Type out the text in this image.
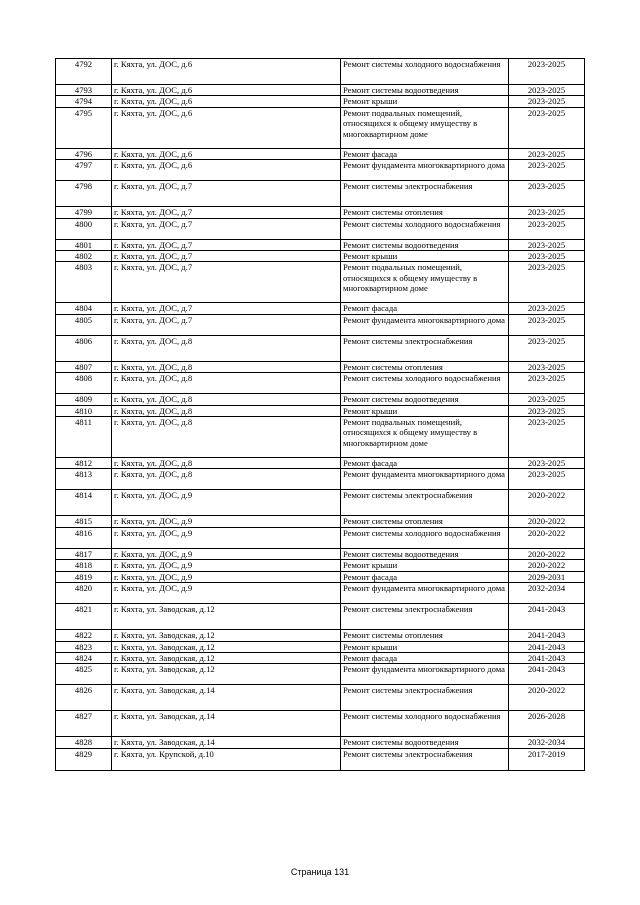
4792	г. Кяхта, ул. ДОС, д.6	Ремонт системы холодного водоснабжения	2023-2025
4793	г. Кяхта, ул. ДОС, д.6	Ремонт системы водоотведения	2023-2025
4794	г. Кяхта, ул. ДОС, д.6	Ремонт крыши	2023-2025
4795	г. Кяхта, ул. ДОС, д.6	Ремонт подвальных помещений, относящихся к общему имуществу в многоквартирном доме	2023-2025
4796	г. Кяхта, ул. ДОС, д.6	Ремонт фасада	2023-2025
4797	г. Кяхта, ул. ДОС, д.6	Ремонт фундамента многоквартирного дома	2023-2025
4798	г. Кяхта, ул. ДОС, д.7	Ремонт системы электроснабжения	2023-2025
4799	г. Кяхта, ул. ДОС, д.7	Ремонт системы отопления	2023-2025
4800	г. Кяхта, ул. ДОС, д.7	Ремонт системы холодного водоснабжения	2023-2025
4801	г. Кяхта, ул. ДОС, д.7	Ремонт системы водоотведения	2023-2025
4802	г. Кяхта, ул. ДОС, д.7	Ремонт крыши	2023-2025
4803	г. Кяхта, ул. ДОС, д.7	Ремонт подвальных помещений, относящихся к общему имуществу в многоквартирном доме	2023-2025
4804	г. Кяхта, ул. ДОС, д.7	Ремонт фасада	2023-2025
4805	г. Кяхта, ул. ДОС, д.7	Ремонт фундамента многоквартирного дома	2023-2025
4806	г. Кяхта, ул. ДОС, д.8	Ремонт системы электроснабжения	2023-2025
4807	г. Кяхта, ул. ДОС, д.8	Ремонт системы отопления	2023-2025
4808	г. Кяхта, ул. ДОС, д.8	Ремонт системы холодного водоснабжения	2023-2025
4809	г. Кяхта, ул. ДОС, д.8	Ремонт системы водоотведения	2023-2025
4810	г. Кяхта, ул. ДОС, д.8	Ремонт крыши	2023-2025
4811	г. Кяхта, ул. ДОС, д.8	Ремонт подвальных помещений, относящихся к общему имуществу в многоквартирном доме	2023-2025
4812	г. Кяхта, ул. ДОС, д.8	Ремонт фасада	2023-2025
4813	г. Кяхта, ул. ДОС, д.8	Ремонт фундамента многоквартирного дома	2023-2025
4814	г. Кяхта, ул. ДОС, д.9	Ремонт системы электроснабжения	2020-2022
4815	г. Кяхта, ул. ДОС, д.9	Ремонт системы отопления	2020-2022
4816	г. Кяхта, ул. ДОС, д.9	Ремонт системы холодного водоснабжения	2020-2022
4817	г. Кяхта, ул. ДОС, д.9	Ремонт системы водоотведения	2020-2022
4818	г. Кяхта, ул. ДОС, д.9	Ремонт крыши	2020-2022
4819	г. Кяхта, ул. ДОС, д.9	Ремонт фасада	2029-2031
4820	г. Кяхта, ул. ДОС, д.9	Ремонт фундамента многоквартирного дома	2032-2034
4821	г. Кяхта, ул. Заводская, д.12	Ремонт системы электроснабжения	2041-2043
4822	г. Кяхта, ул. Заводская, д.12	Ремонт системы отопления	2041-2043
4823	г. Кяхта, ул. Заводская, д.12	Ремонт крыши	2041-2043
4824	г. Кяхта, ул. Заводская, д.12	Ремонт фасада	2041-2043
4825	г. Кяхта, ул. Заводская, д.12	Ремонт фундамента многоквартирного дома	2041-2043
4826	г. Кяхта, ул. Заводская, д.14	Ремонт системы электроснабжения	2020-2022
4827	г. Кяхта, ул. Заводская, д.14	Ремонт системы холодного водоснабжения	2026-2028
4828	г. Кяхта, ул. Заводская, д.14	Ремонт системы водоотведения	2032-2034
4829	г. Кяхта, ул. Крупской, д.10	Ремонт системы электроснабжения	2017-2019
Страница 131
